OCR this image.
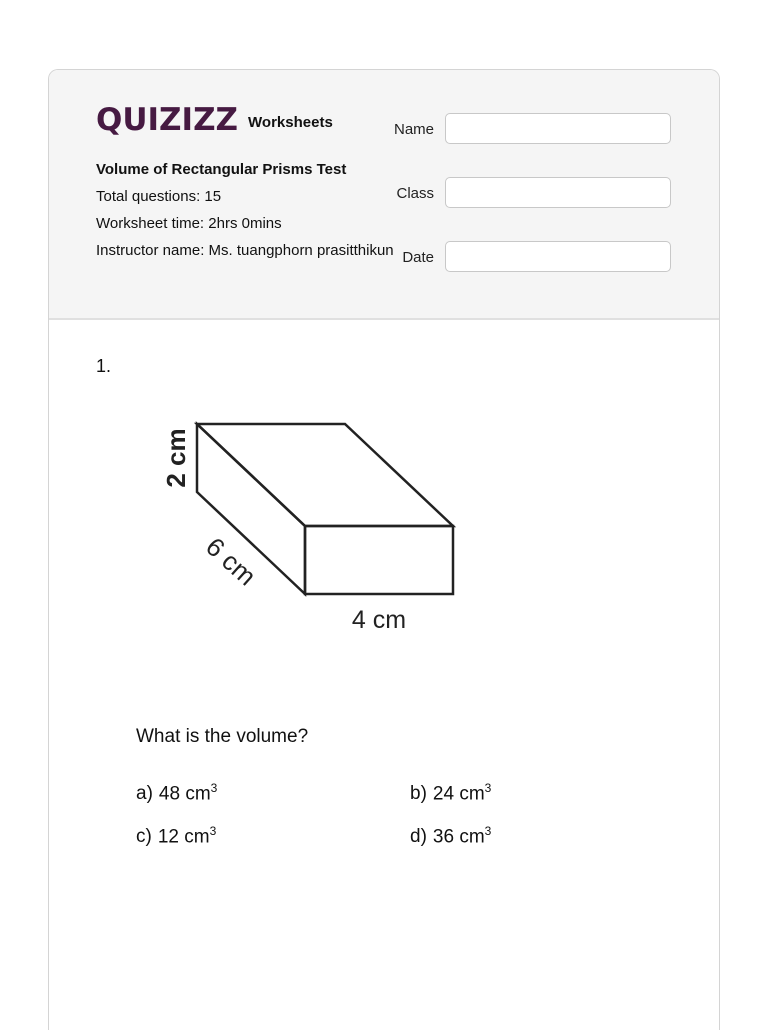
QUIZIZZ Worksheets
Volume of Rectangular Prisms Test
Total questions: 15
Worksheet time: 2hrs 0mins
Instructor name: Ms. tuangphorn prasitthikun
Name
Class
Date
1.
2 cm
6 cm
4 cm
What is the volume?
a) 48 $cm^3$	b) 24 $cm^3$
c) 12 $cm^3$	d) 36 $cm^3$
